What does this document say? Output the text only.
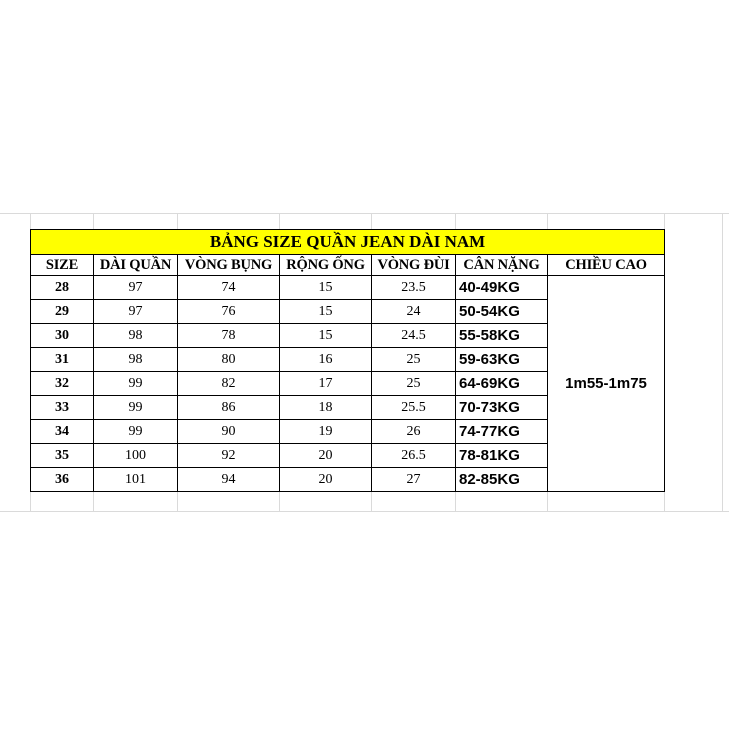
BẢNG SIZE QUẦN JEAN DÀI NAM						
SIZE	DÀI QUẦN	VÒNG BỤNG	RỘNG ỐNG	VÒNG ĐÙI	CÂN NẶNG	CHIỀU CAO
28	97	74	15	23.5	40-49KG	1m55-1m75
29	97	76	15	24	50-54KG	
30	98	78	15	24.5	55-58KG	
31	98	80	16	25	59-63KG	
32	99	82	17	25	64-69KG	
33	99	86	18	25.5	70-73KG	
34	99	90	19	26	74-77KG	
35	100	92	20	26.5	78-81KG	
36	101	94	20	27	82-85KG	
